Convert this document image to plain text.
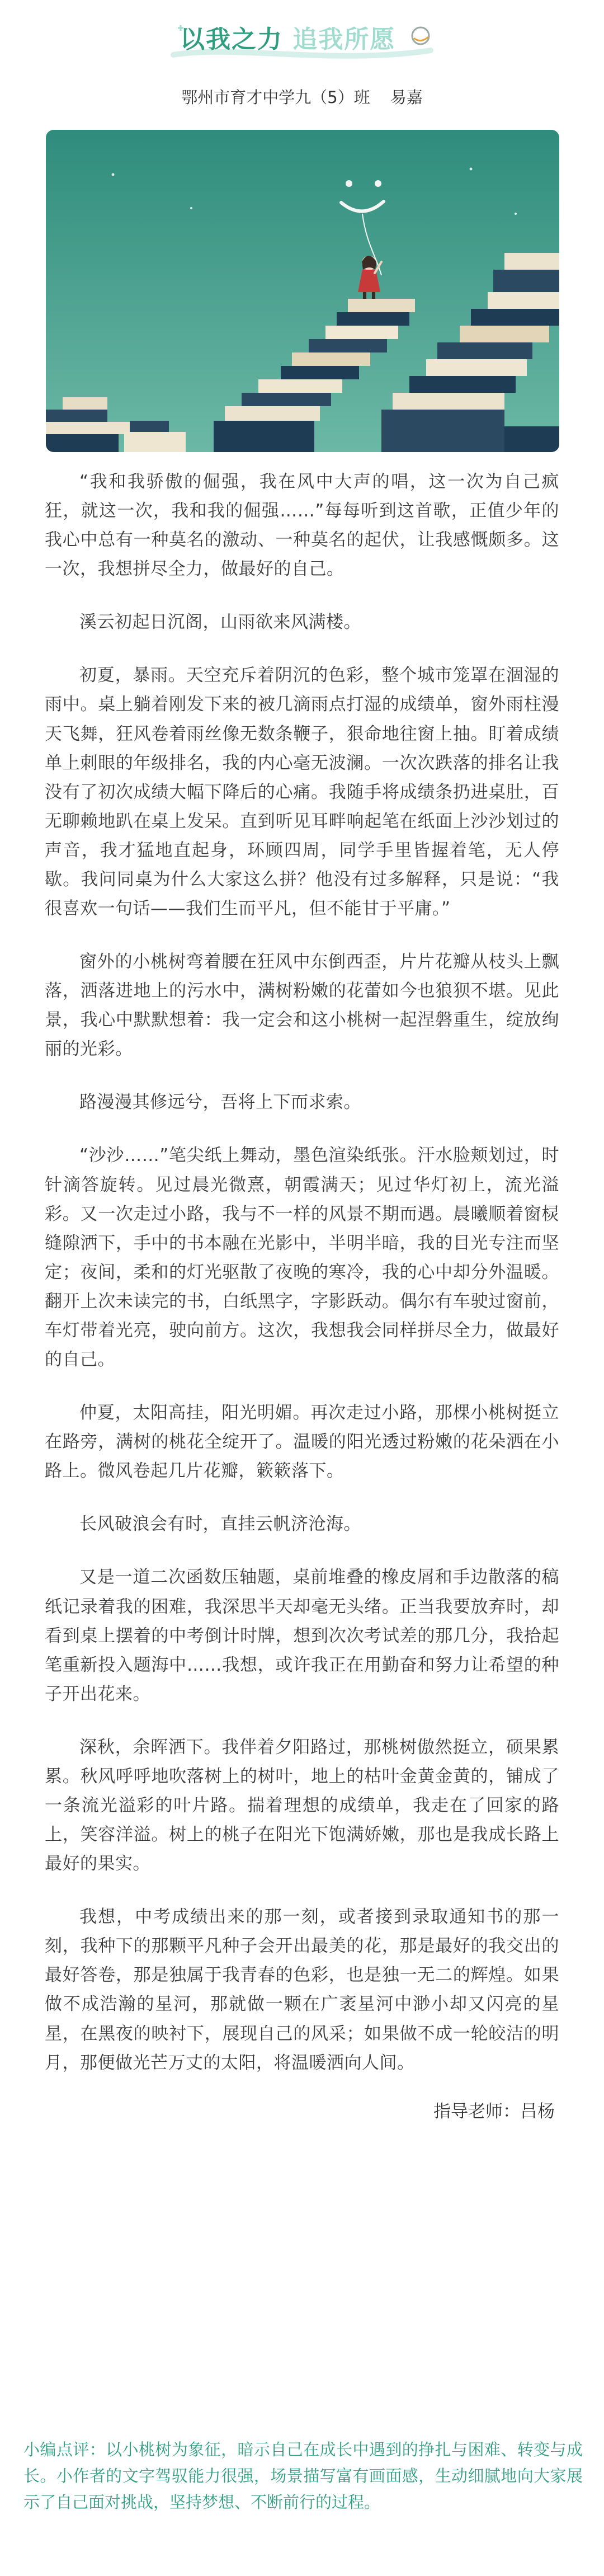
以我之力 追我所愿
鄂州市育才中学九（5）班 易嘉

“我和我骄傲的倔强，我在风中大声的唱，这一次为自己疯狂，就这一次，我和我的倔强……”每每听到这首歌，正值少年的我心中总有一种莫名的激动、一种莫名的起伏，让我感慨颇多。这一次，我想拼尽全力，做最好的自己。

溪云初起日沉阁，山雨欲来风满楼。

初夏，暴雨。天空充斥着阴沉的色彩，整个城市笼罩在涸湿的雨中。桌上躺着刚发下来的被几滴雨点打湿的成绩单，窗外雨柱漫天飞舞，狂风卷着雨丝像无数条鞭子，狠命地往窗上抽。盯着成绩单上刺眼的年级排名，我的内心毫无波澜。一次次跌落的排名让我没有了初次成绩大幅下降后的心痛。我随手将成绩条扔进桌肚，百无聊赖地趴在桌上发呆。直到听见耳畔响起笔在纸面上沙沙划过的声音，我才猛地直起身，环顾四周，同学手里皆握着笔，无人停歇。我问同桌为什么大家这么拼？他没有过多解释，只是说：“我很喜欢一句话——我们生而平凡，但不能甘于平庸。”

窗外的小桃树弯着腰在狂风中东倒西歪，片片花瓣从枝头上飘落，洒落进地上的污水中，满树粉嫩的花蕾如今也狼狈不堪。见此景，我心中默默想着：我一定会和这小桃树一起涅磐重生，绽放绚丽的光彩。

路漫漫其修远兮，吾将上下而求索。

“沙沙……”笔尖纸上舞动，墨色渲染纸张。汗水脸颊划过，时针滴答旋转。见过晨光微熹，朝霞满天；见过华灯初上，流光溢彩。又一次走过小路，我与不一样的风景不期而遇。晨曦顺着窗棂缝隙洒下，手中的书本融在光影中，半明半暗，我的目光专注而坚定；夜间，柔和的灯光驱散了夜晚的寒冷，我的心中却分外温暖。翻开上次未读完的书，白纸黑字，字影跃动。偶尔有车驶过窗前，车灯带着光亮，驶向前方。这次，我想我会同样拼尽全力，做最好的自己。

仲夏，太阳高挂，阳光明媚。再次走过小路，那棵小桃树挺立在路旁，满树的桃花全绽开了。温暖的阳光透过粉嫩的花朵洒在小路上。微风卷起几片花瓣，簌簌落下。

长风破浪会有时，直挂云帆济沧海。

又是一道二次函数压轴题，桌前堆叠的橡皮屑和手边散落的稿纸记录着我的困难，我深思半天却毫无头绪。正当我要放弃时，却看到桌上摆着的中考倒计时牌，想到次次考试差的那几分，我拾起笔重新投入题海中……我想，或许我正在用勤奋和努力让希望的种子开出花来。

深秋，余晖洒下。我伴着夕阳路过，那桃树傲然挺立，硕果累累。秋风呼呼地吹落树上的树叶，地上的枯叶金黄金黄的，铺成了一条流光溢彩的叶片路。揣着理想的成绩单，我走在了回家的路上，笑容洋溢。树上的桃子在阳光下饱满娇嫩，那也是我成长路上最好的果实。

我想，中考成绩出来的那一刻，或者接到录取通知书的那一刻，我种下的那颗平凡种子会开出最美的花，那是最好的我交出的最好答卷，那是独属于我青春的色彩，也是独一无二的辉煌。如果做不成浩瀚的星河，那就做一颗在广袤星河中渺小却又闪亮的星星，在黑夜的映衬下，展现自己的风采；如果做不成一轮皎洁的明月，那便做光芒万丈的太阳，将温暖洒向人间。

指导老师：吕杨
小编点评：以小桃树为象征，暗示自己在成长中遇到的挣扎与困难、转变与成长。小作者的文字驾驭能力很强，场景描写富有画面感，生动细腻地向大家展示了自己面对挑战，坚持梦想、不断前行的过程。
